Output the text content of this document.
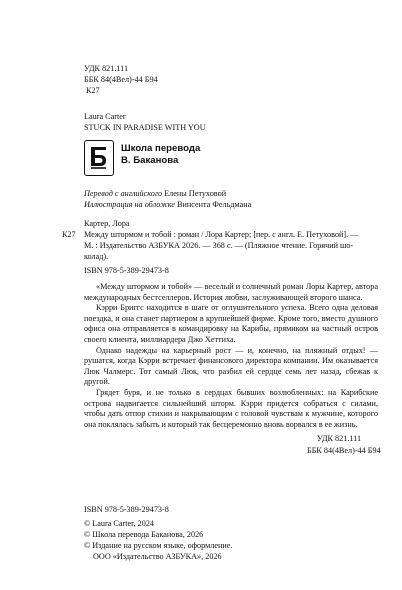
УДК 821.111
ББК 84(4Вел)-44 Б94
К27
Laura Carter
STUCK IN PARADISE WITH YOU
Школа перевода
В. Баканова
Перевод с английского Елены Петуховой
Иллюстрация на обложке Винсента Фельдмана
Картер, Лора
К27 Между штормом и тобой : роман / Лора Картер; [пер. с англ. Е. Петуховой]. —
М. : Издательство АЗБУКА 2026. — 368 с. — (Пляжное чтение. Горячий шо-
колад).
ISBN 978-5-389-29473-8

«Между штормом и тобой» — веселый и солнечный роман Лоры Картер, автора международных бестселлеров. История любви, заслуживающей второго шанса.

Кэрри Бриггс находится в шаге от оглушительного успеха. Всего одна деловая поездка, и она станет партнером в крупнейшей фирме. Кроме того, вместо душного офиса она отправляется в командировку на Карибы, прямиком на частный остров своего клиента, миллиардера Джо Хеттиха.

Однако надежды на карьерный рост — и, конечно, на пляжный отдых! — рушатся, когда Кэрри встречает финансового директора компании. Им оказывается Люк Чалмерс. Тот самый Люк, что разбил ей сердце семь лет назад, сбежав к другой.

Грядет буря, и не только в сердцах бывших возлюбленных: на Карибские острова надвигается сильнейший шторм. Кэрри придется собраться с силами, чтобы дать отпор стихии и накрывающим с головой чувствам к мужчине, которого она поклялась забыть и который так бесцеремонно вновь ворвался в ее жизнь.

УДК 821.111
ББК 84(4Вел)-44 Б94
ISBN 978-5-389-29473-8
© Laura Carter, 2024
© Школа перевода Баканова, 2026
© Издание на русском языке, оформление.
ООО «Издательство АЗБУКА», 2026
